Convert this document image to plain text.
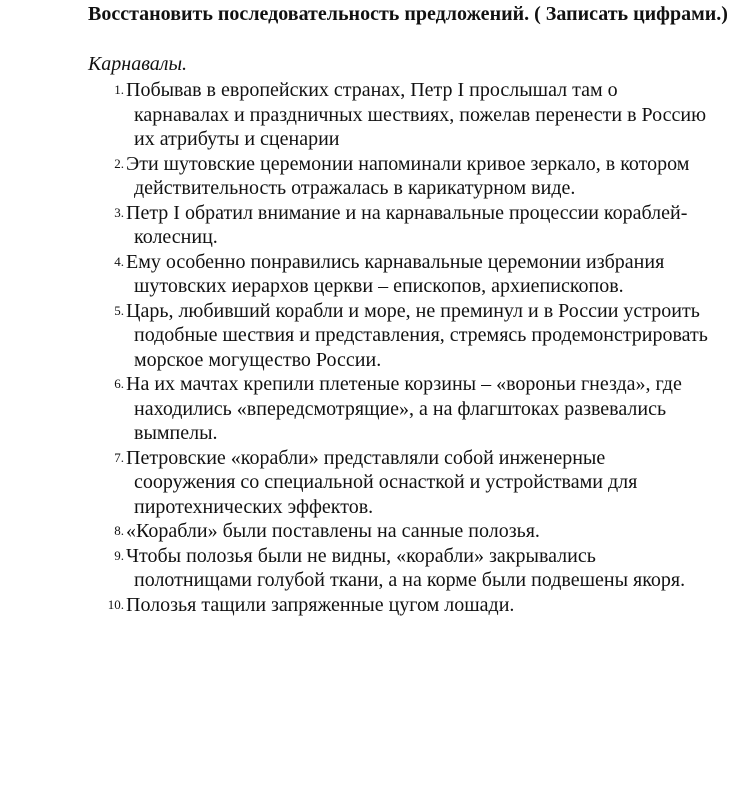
Восстановить последовательность предложений. ( Записать цифрами.)

Карнавалы.

1. Побывав в европейских странах, Петр I прослышал там о карнавалах и праздничных шествиях, пожелав перенести в Россию их атрибуты и сценарии
2. Эти шутовские церемонии напоминали кривое зеркало, в котором действительность отражалась в карикатурном виде.
3. Петр I обратил внимание и на карнавальные процессии кораблей-колесниц.
4. Ему особенно понравились карнавальные церемонии избрания шутовских иерархов церкви – епископов, архиепископов.
5. Царь, любивший корабли и море, не преминул и в России устроить подобные шествия и представления, стремясь продемонстрировать морское могущество России.
6. На их мачтах крепили плетеные корзины – «вороньи гнезда», где находились «впередсмотрящие», а на флагштоках развевались вымпелы.
7. Петровские «корабли» представляли собой инженерные сооружения со специальной оснасткой и устройствами для пиротехнических эффектов.
8. «Корабли» были поставлены на санные полозья.
9. Чтобы полозья были не видны, «корабли» закрывались полотнищами голубой ткани, а на корме были подвешены якоря.
10. Полозья тащили запряженные цугом лошади.
